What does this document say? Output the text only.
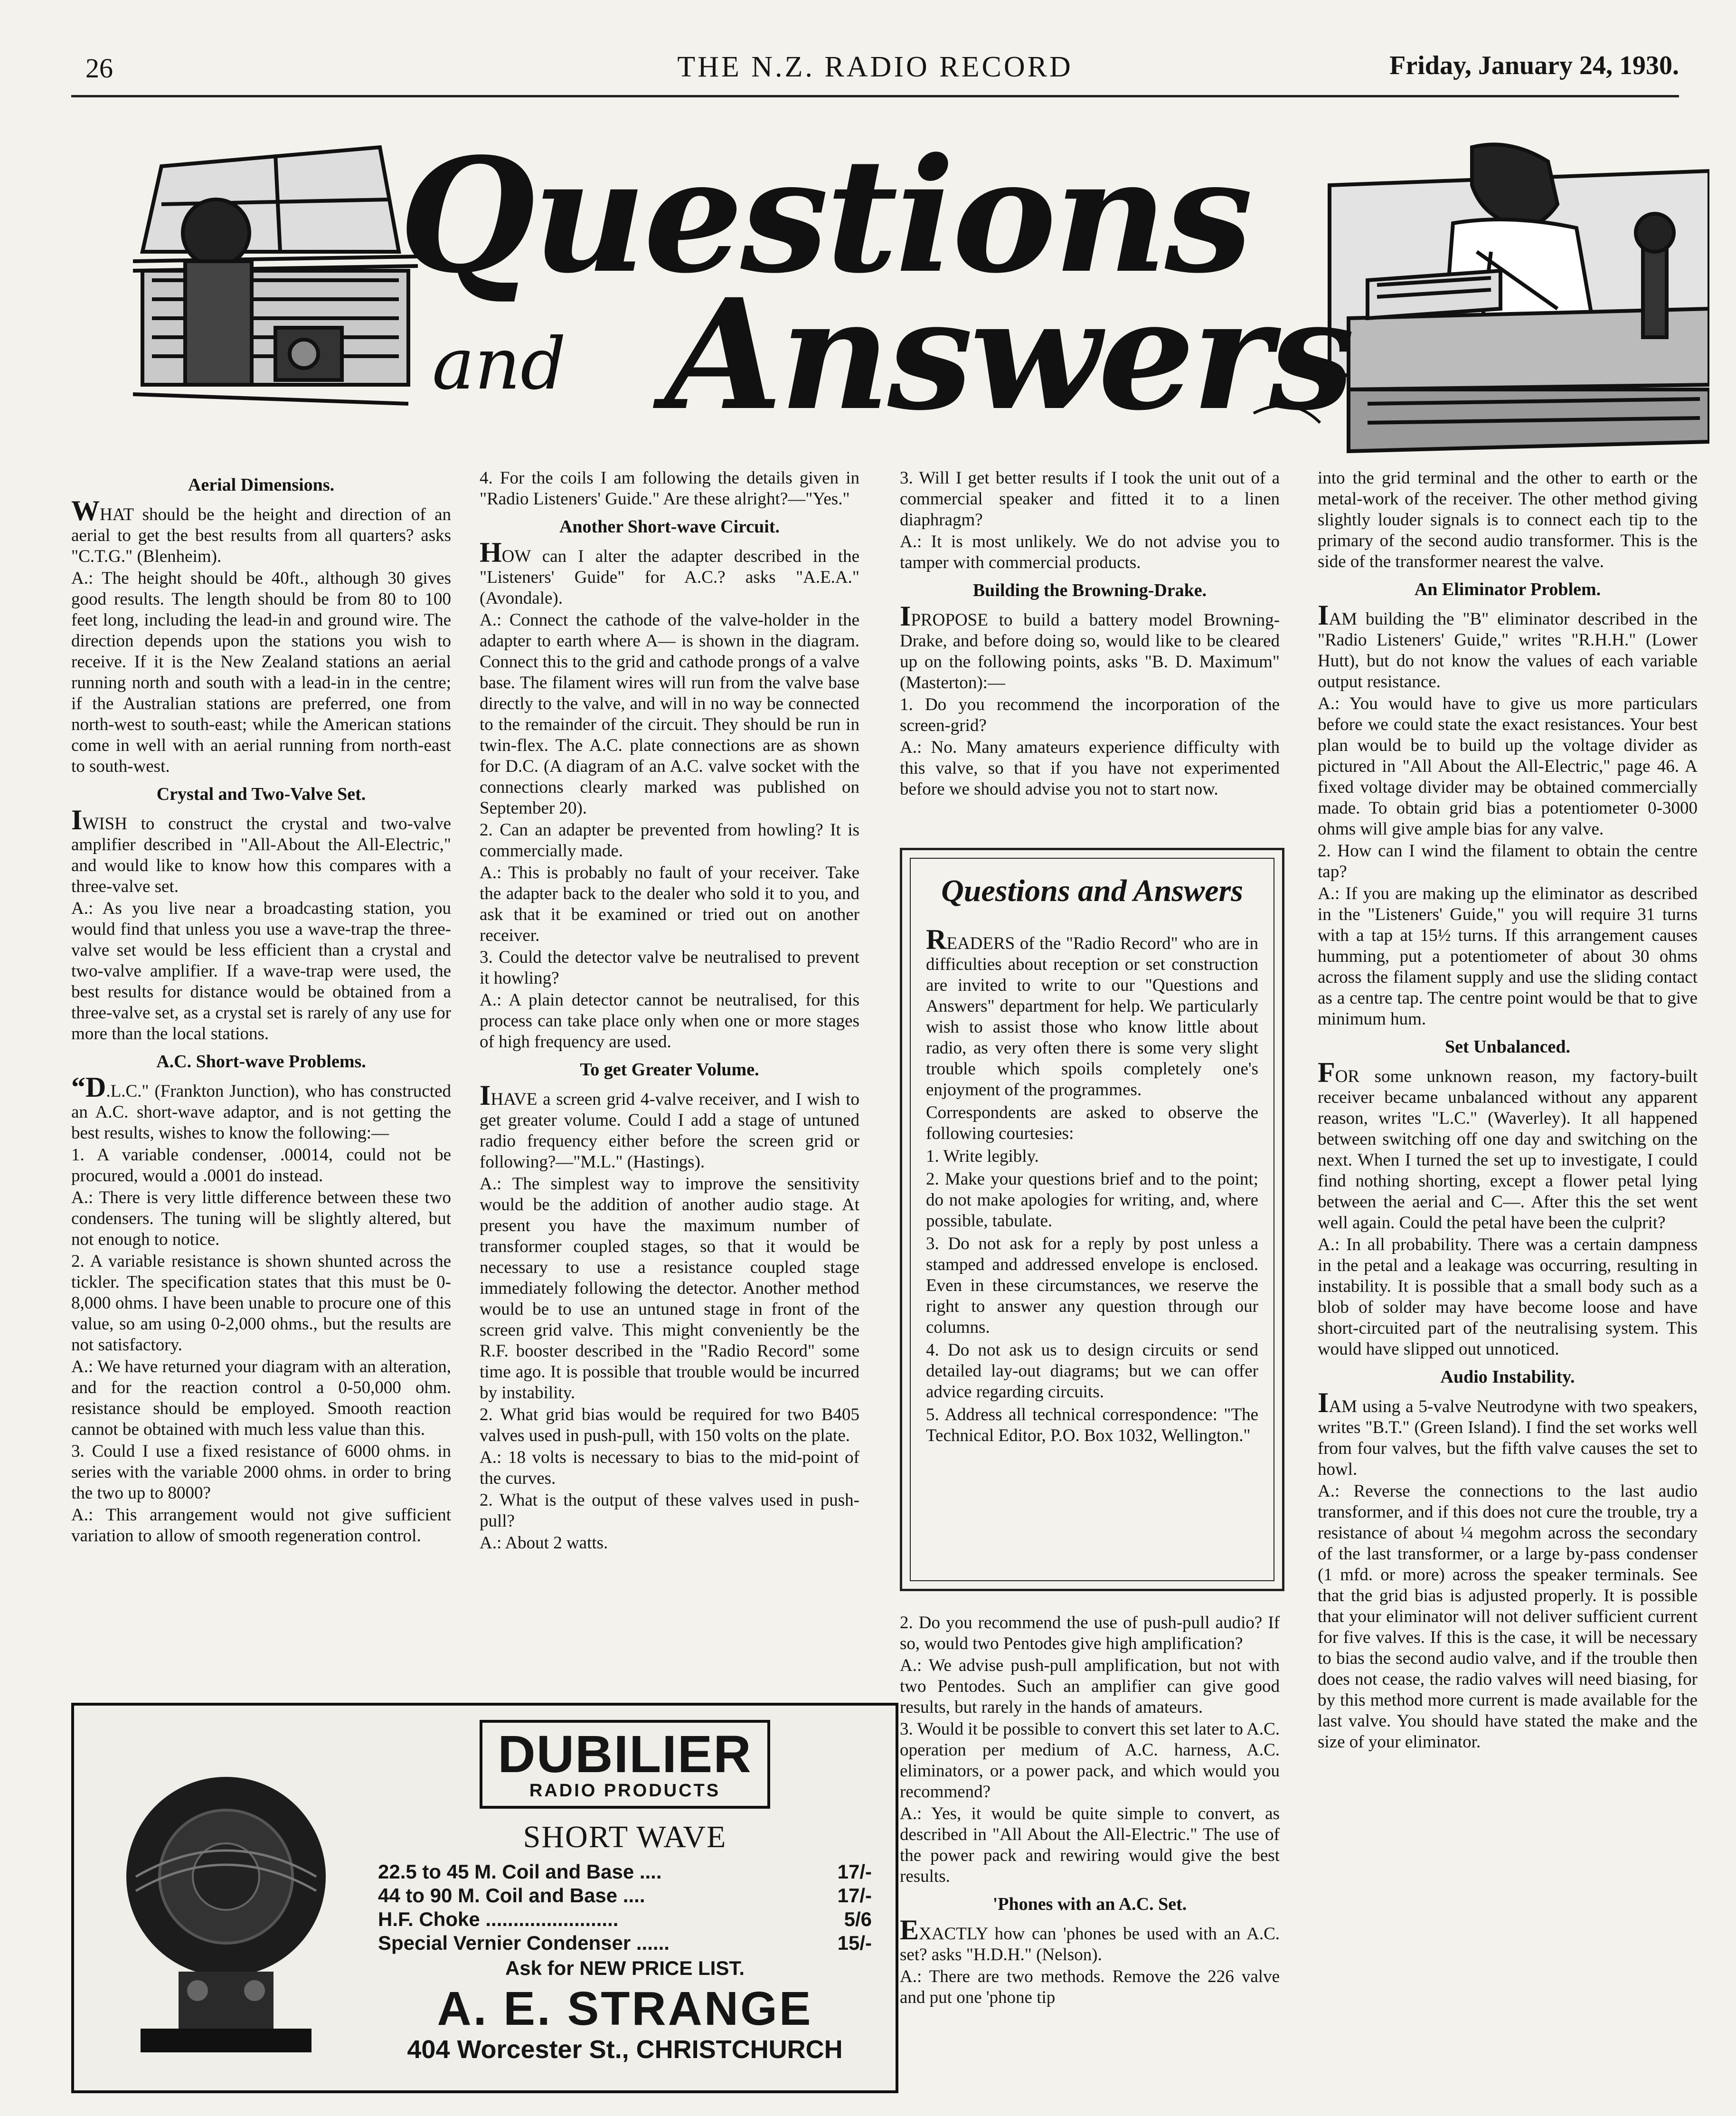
26	THE N.Z. RADIO RECORD	Friday, January 24, 1930.
Questions
and Answers
Aerial Dimensions.

WHAT should be the height and direction of an aerial to get the best results from all quarters? asks "C.T.G." (Blenheim).

A.: The height should be 40ft., although 30 gives good results. The length should be from 80 to 100 feet long, including the lead-in and ground wire. The direction depends upon the stations you wish to receive. If it is the New Zealand stations an aerial running north and south with a lead-in in the centre; if the Australian stations are preferred, one from north-west to south-east; while the American stations come in well with an aerial running from north-east to south-west.

Crystal and Two-Valve Set.

IWISH to construct the crystal and two-valve amplifier described in "All-About the All-Electric," and would like to know how this compares with a three-valve set.

A.: As you live near a broadcasting station, you would find that unless you use a wave-trap the three-valve set would be less efficient than a crystal and two-valve amplifier. If a wave-trap were used, the best results for distance would be obtained from a three-valve set, as a crystal set is rarely of any use for more than the local stations.

A.C. Short-wave Problems.

“D.L.C." (Frankton Junction), who has constructed an A.C. short-wave adaptor, and is not getting the best results, wishes to know the following:—

1. A variable condenser, .00014, could not be procured, would a .0001 do instead.

A.: There is very little difference between these two condensers. The tuning will be slightly altered, but not enough to notice.

2. A variable resistance is shown shunted across the tickler. The specification states that this must be 0-8,000 ohms. I have been unable to procure one of this value, so am using 0-2,000 ohms., but the results are not satisfactory.

A.: We have returned your diagram with an alteration, and for the reaction control a 0-50,000 ohm. resistance should be employed. Smooth reaction cannot be obtained with much less value than this.

3. Could I use a fixed resistance of 6000 ohms. in series with the variable 2000 ohms. in order to bring the two up to 8000?

A.: This arrangement would not give sufficient variation to allow of smooth regeneration control.

4. For the coils I am following the details given in "Radio Listeners' Guide." Are these alright?—"Yes."

Another Short-wave Circuit.

HOW can I alter the adapter described in the "Listeners' Guide" for A.C.? asks "A.E.A." (Avondale).

A.: Connect the cathode of the valve-holder in the adapter to earth where A— is shown in the diagram. Connect this to the grid and cathode prongs of a valve base. The filament wires will run from the valve base directly to the valve, and will in no way be connected to the remainder of the circuit. They should be run in twin-flex. The A.C. plate connections are as shown for D.C. (A diagram of an A.C. valve socket with the connections clearly marked was published on September 20).

2. Can an adapter be prevented from howling? It is commercially made.

A.: This is probably no fault of your receiver. Take the adapter back to the dealer who sold it to you, and ask that it be examined or tried out on another receiver.

3. Could the detector valve be neutralised to prevent it howling?

A.: A plain detector cannot be neutralised, for this process can take place only when one or more stages of high frequency are used.

To get Greater Volume.

IHAVE a screen grid 4-valve receiver, and I wish to get greater volume. Could I add a stage of untuned radio frequency either before the screen grid or following?—"M.L." (Hastings).

A.: The simplest way to improve the sensitivity would be the addition of another audio stage. At present you have the maximum number of transformer coupled stages, so that it would be necessary to use a resistance coupled stage immediately following the detector. Another method would be to use an untuned stage in front of the screen grid valve. This might conveniently be the R.F. booster described in the "Radio Record" some time ago. It is possible that trouble would be incurred by instability.

2. What grid bias would be required for two B405 valves used in push-pull, with 150 volts on the plate.

A.: 18 volts is necessary to bias to the mid-point of the curves.

2. What is the output of these valves used in push-pull?

A.: About 2 watts.

3. Will I get better results if I took the unit out of a commercial speaker and fitted it to a linen diaphragm?

A.: It is most unlikely. We do not advise you to tamper with commercial products.

Building the Browning-Drake.

IPROPOSE to build a battery model Browning-Drake, and before doing so, would like to be cleared up on the following points, asks "B. D. Maximum" (Masterton):—

1. Do you recommend the incorporation of the screen-grid?

A.: No. Many amateurs experience difficulty with this valve, so that if you have not experimented before we should advise you not to start now.

Questions and Answers

READERS of the "Radio Record" who are in difficulties about reception or set construction are invited to write to our "Questions and Answers" department for help. We particularly wish to assist those who know little about radio, as very often there is some very slight trouble which spoils completely one's enjoyment of the programmes.

Correspondents are asked to observe the following courtesies:

1. Write legibly.

2. Make your questions brief and to the point; do not make apologies for writing, and, where possible, tabulate.

3. Do not ask for a reply by post unless a stamped and addressed envelope is enclosed. Even in these circumstances, we reserve the right to answer any question through our columns.

4. Do not ask us to design circuits or send detailed lay-out diagrams; but we can offer advice regarding circuits.

5. Address all technical correspondence: "The Technical Editor, P.O. Box 1032, Wellington."

2. Do you recommend the use of push-pull audio? If so, would two Pentodes give high amplification?

A.: We advise push-pull amplification, but not with two Pentodes. Such an amplifier can give good results, but rarely in the hands of amateurs.

3. Would it be possible to convert this set later to A.C. operation per medium of A.C. harness, A.C. eliminators, or a power pack, and which would you recommend?

A.: Yes, it would be quite simple to convert, as described in "All About the All-Electric." The use of the power pack and rewiring would give the best results.

'Phones with an A.C. Set.

EXACTLY how can 'phones be used with an A.C. set? asks "H.D.H." (Nelson).

A.: There are two methods. Remove the 226 valve and put one 'phone tip

into the grid terminal and the other to earth or the metal-work of the receiver. The other method giving slightly louder signals is to connect each tip to the primary of the second audio transformer. This is the side of the transformer nearest the valve.

An Eliminator Problem.

IAM building the "B" eliminator described in the "Radio Listeners' Guide," writes "R.H.H." (Lower Hutt), but do not know the values of each variable output resistance.

A.: You would have to give us more particulars before we could state the exact resistances. Your best plan would be to build up the voltage divider as pictured in "All About the All-Electric," page 46. A fixed voltage divider may be obtained commercially made. To obtain grid bias a potentiometer 0-3000 ohms will give ample bias for any valve.

2. How can I wind the filament to obtain the centre tap?

A.: If you are making up the eliminator as described in the "Listeners' Guide," you will require 31 turns with a tap at 15½ turns. If this arrangement causes humming, put a potentiometer of about 30 ohms across the filament supply and use the sliding contact as a centre tap. The centre point would be that to give minimum hum.

Set Unbalanced.

FOR some unknown reason, my factory-built receiver became unbalanced without any apparent reason, writes "L.C." (Waverley). It all happened between switching off one day and switching on the next. When I turned the set up to investigate, I could find nothing shorting, except a flower petal lying between the aerial and C—. After this the set went well again. Could the petal have been the culprit?

A.: In all probability. There was a certain dampness in the petal and a leakage was occurring, resulting in instability. It is possible that a small body such as a blob of solder may have become loose and have short-circuited part of the neutralising system. This would have slipped out unnoticed.

Audio Instability.

IAM using a 5-valve Neutrodyne with two speakers, writes "B.T." (Green Island). I find the set works well from four valves, but the fifth valve causes the set to howl.

A.: Reverse the connections to the last audio transformer, and if this does not cure the trouble, try a resistance of about ¼ megohm across the secondary of the last transformer, or a large by-pass condenser (1 mfd. or more) across the speaker terminals. See that the grid bias is adjusted properly. It is possible that your eliminator will not deliver sufficient current for five valves. If this is the case, it will be necessary to bias the second audio valve, and if the trouble then does not cease, the radio valves will need biasing, for by this method more current is made available for the last valve. You should have stated the make and the size of your eliminator.

DUBILIER
RADIO PRODUCTS
SHORT WAVE
22.5 to 45 M. Coil and Base ....	17/-
44 to 90 M. Coil and Base ....	17/-
H.F. Choke ........................	5/6
Special Vernier Condenser ......	15/-
Ask for NEW PRICE LIST.
A. E. STRANGE
404 Worcester St., CHRISTCHURCH
